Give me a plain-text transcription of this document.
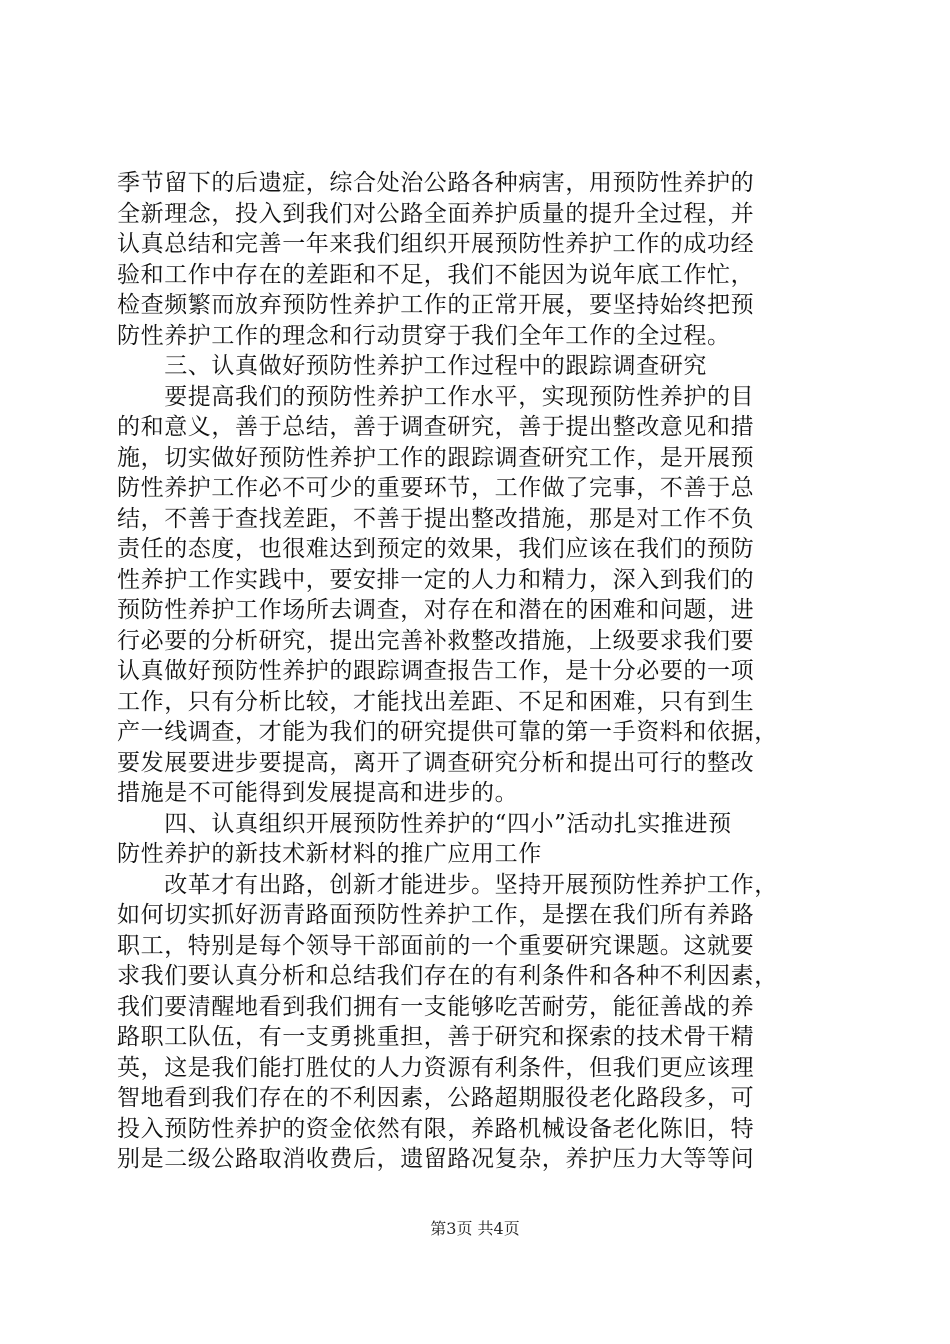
季节留下的后遗症，综合处治公路各种病害，用预防性养护的
全新理念，投入到我们对公路全面养护质量的提升全过程，并
认真总结和完善一年来我们组织开展预防性养护工作的成功经
验和工作中存在的差距和不足，我们不能因为说年底工作忙，
检查频繁而放弃预防性养护工作的正常开展，要坚持始终把预
防性养护工作的理念和行动贯穿于我们全年工作的全过程。
　　三、认真做好预防性养护工作过程中的跟踪调查研究
　　要提高我们的预防性养护工作水平，实现预防性养护的目
的和意义，善于总结，善于调查研究，善于提出整改意见和措
施，切实做好预防性养护工作的跟踪调查研究工作，是开展预
防性养护工作必不可少的重要环节，工作做了完事，不善于总
结，不善于查找差距，不善于提出整改措施，那是对工作不负
责任的态度，也很难达到预定的效果，我们应该在我们的预防
性养护工作实践中，要安排一定的人力和精力，深入到我们的
预防性养护工作场所去调查，对存在和潜在的困难和问题，进
行必要的分析研究，提出完善补救整改措施，上级要求我们要
认真做好预防性养护的跟踪调查报告工作，是十分必要的一项
工作，只有分析比较，才能找出差距、不足和困难，只有到生
产一线调查，才能为我们的研究提供可靠的第一手资料和依据，
要发展要进步要提高，离开了调查研究分析和提出可行的整改
措施是不可能得到发展提高和进步的。
　　四、认真组织开展预防性养护的“四小”活动扎实推进预
防性养护的新技术新材料的推广应用工作
　　改革才有出路，创新才能进步。坚持开展预防性养护工作，
如何切实抓好沥青路面预防性养护工作，是摆在我们所有养路
职工，特别是每个领导干部面前的一个重要研究课题。这就要
求我们要认真分析和总结我们存在的有利条件和各种不利因素，
我们要清醒地看到我们拥有一支能够吃苦耐劳，能征善战的养
路职工队伍，有一支勇挑重担，善于研究和探索的技术骨干精
英，这是我们能打胜仗的人力资源有利条件，但我们更应该理
智地看到我们存在的不利因素，公路超期服役老化路段多，可
投入预防性养护的资金依然有限，养路机械设备老化陈旧，特
别是二级公路取消收费后，遗留路况复杂，养护压力大等等问
第3页 共4页
